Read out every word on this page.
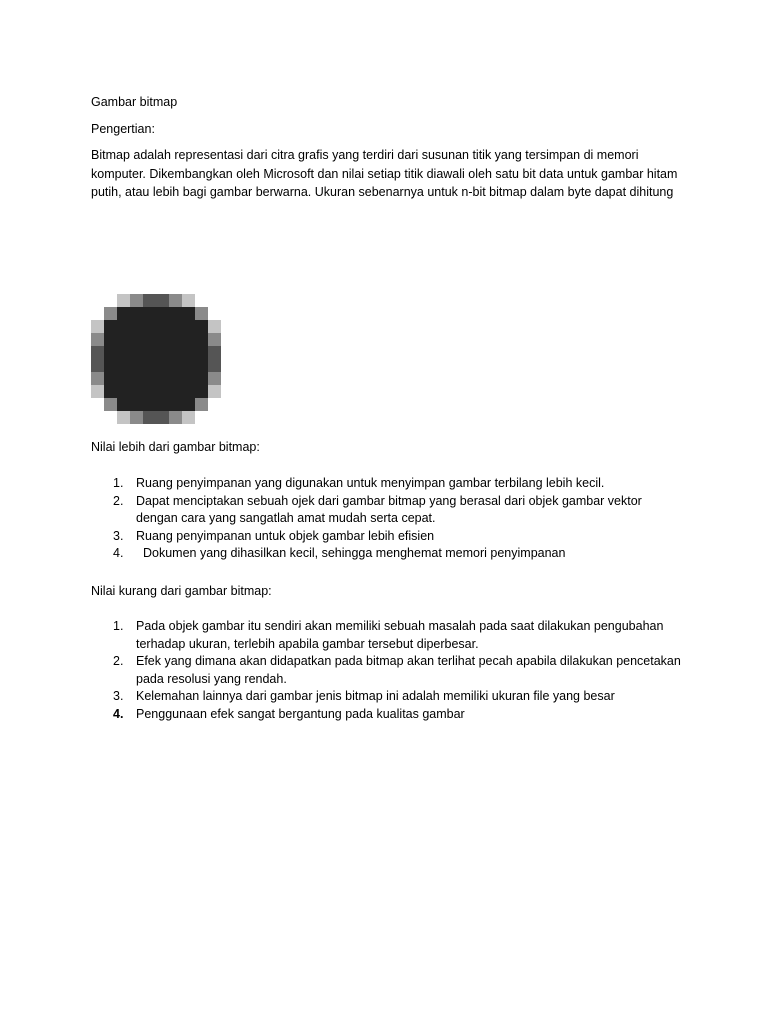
Gambar bitmap

Pengertian:

Bitmap adalah representasi dari citra grafis yang terdiri dari susunan titik yang tersimpan di memori komputer. Dikembangkan oleh Microsoft dan nilai setiap titik diawali oleh satu bit data untuk gambar hitam putih, atau lebih bagi gambar berwarna. Ukuran sebenarnya untuk n-bit bitmap dalam byte dapat dihitung

Nilai lebih dari gambar bitmap:

1. Ruang penyimpanan yang digunakan untuk menyimpan gambar terbilang lebih kecil.
2. Dapat menciptakan sebuah ojek dari gambar bitmap yang berasal dari objek gambar vektor dengan cara yang sangatlah amat mudah serta cepat.
3. Ruang penyimpanan untuk objek gambar lebih efisien
4. Dokumen yang dihasilkan kecil, sehingga menghemat memori penyimpanan

Nilai kurang dari gambar bitmap:

1. Pada objek gambar itu sendiri akan memiliki sebuah masalah pada saat dilakukan pengubahan terhadap ukuran, terlebih apabila gambar tersebut diperbesar.
2. Efek yang dimana akan didapatkan pada bitmap akan terlihat pecah apabila dilakukan pencetakan pada resolusi yang rendah.
3. Kelemahan lainnya dari gambar jenis bitmap ini adalah memiliki ukuran file yang besar
4. Penggunaan efek sangat bergantung pada kualitas gambar
